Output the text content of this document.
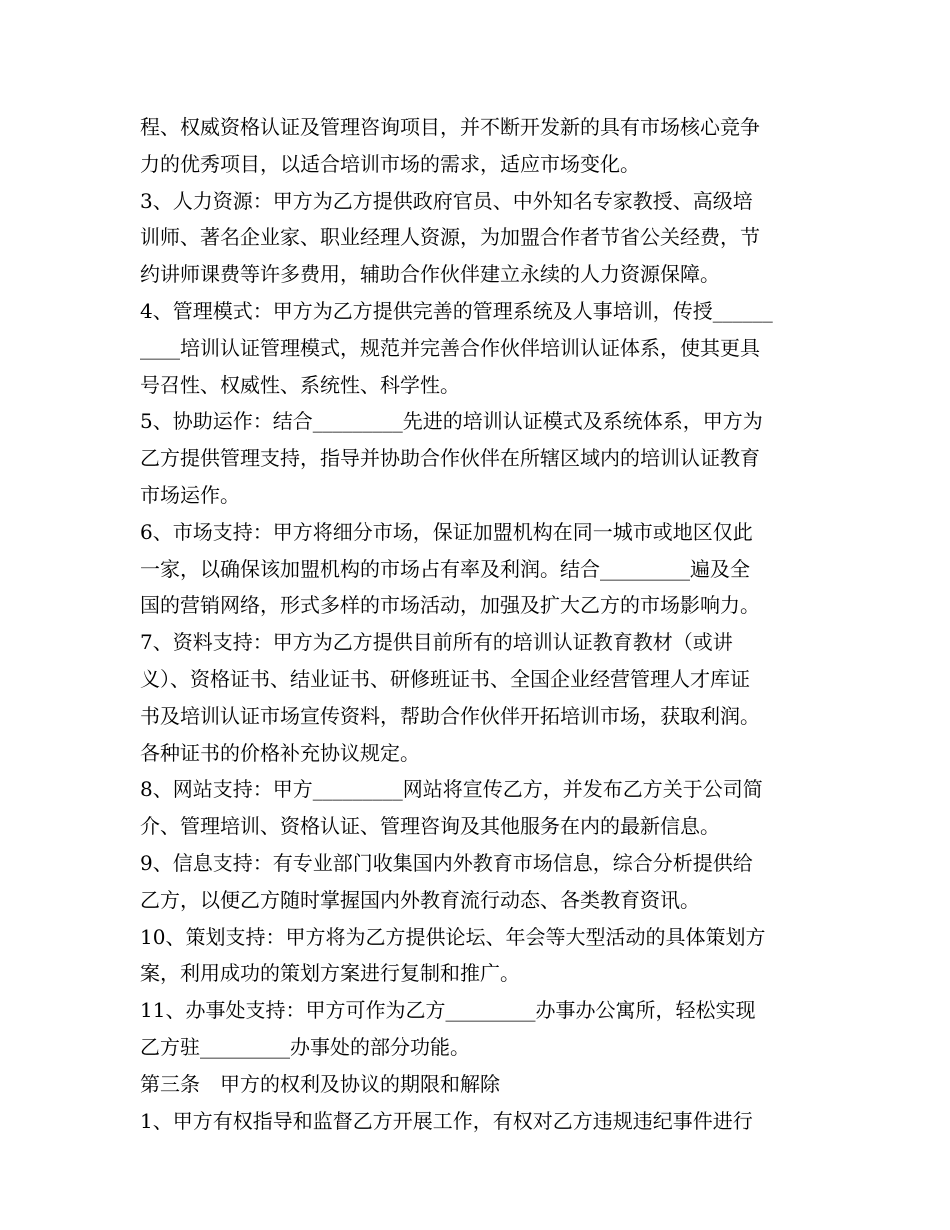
程、权威资格认证及管理咨询项目，并不断开发新的具有市场核心竞争
力的优秀项目，以适合培训市场的需求，适应市场变化。
3、人力资源：甲方为乙方提供政府官员、中外知名专家教授、高级培
训师、著名企业家、职业经理人资源，为加盟合作者节省公关经费，节
约讲师课费等许多费用，辅助合作伙伴建立永续的人力资源保障。
4、管理模式：甲方为乙方提供完善的管理系统及人事培训，传授______
____培训认证管理模式，规范并完善合作伙伴培训认证体系，使其更具
号召性、权威性、系统性、科学性。
5、协助运作：结合_________先进的培训认证模式及系统体系，甲方为
乙方提供管理支持，指导并协助合作伙伴在所辖区域内的培训认证教育
市场运作。
6、市场支持：甲方将细分市场，保证加盟机构在同一城市或地区仅此
一家，以确保该加盟机构的市场占有率及利润。结合_________遍及全
国的营销网络，形式多样的市场活动，加强及扩大乙方的市场影响力。
7、资料支持：甲方为乙方提供目前所有的培训认证教育教材（或讲
义）、资格证书、结业证书、研修班证书、全国企业经营管理人才库证
书及培训认证市场宣传资料，帮助合作伙伴开拓培训市场，获取利润。
各种证书的价格补充协议规定。
8、网站支持：甲方_________网站将宣传乙方，并发布乙方关于公司简
介、管理培训、资格认证、管理咨询及其他服务在内的最新信息。
9、信息支持：有专业部门收集国内外教育市场信息，综合分析提供给
乙方，以便乙方随时掌握国内外教育流行动态、各类教育资讯。
10、策划支持：甲方将为乙方提供论坛、年会等大型活动的具体策划方
案，利用成功的策划方案进行复制和推广。
11、办事处支持：甲方可作为乙方_________办事办公寓所，轻松实现
乙方驻_________办事处的部分功能。
第三条　甲方的权利及协议的期限和解除
1、甲方有权指导和监督乙方开展工作，有权对乙方违规违纪事件进行
